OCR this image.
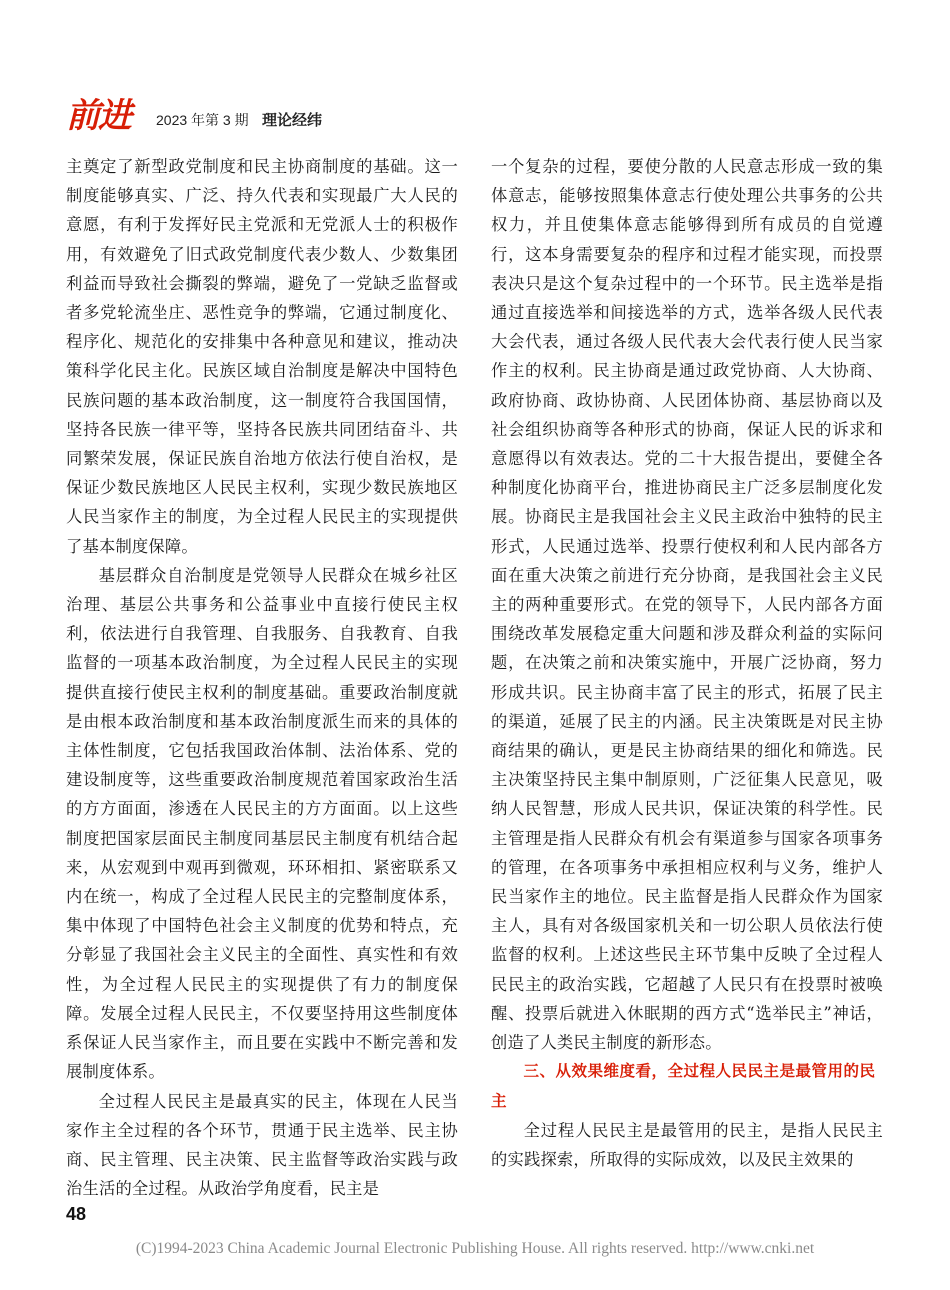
前进 2023 年第 3 期 理论经纬

主奠定了新型政党制度和民主协商制度的基础。这一制度能够真实、广泛、持久代表和实现最广大人民的意愿，有利于发挥好民主党派和无党派人士的积极作用，有效避免了旧式政党制度代表少数人、少数集团利益而导致社会撕裂的弊端，避免了一党缺乏监督或者多党轮流坐庄、恶性竞争的弊端，它通过制度化、程序化、规范化的安排集中各种意见和建议，推动决策科学化民主化。民族区域自治制度是解决中国特色民族问题的基本政治制度，这一制度符合我国国情，坚持各民族一律平等，坚持各民族共同团结奋斗、共同繁荣发展，保证民族自治地方依法行使自治权，是保证少数民族地区人民民主权利，实现少数民族地区人民当家作主的制度，为全过程人民民主的实现提供了基本制度保障。

基层群众自治制度是党领导人民群众在城乡社区治理、基层公共事务和公益事业中直接行使民主权利，依法进行自我管理、自我服务、自我教育、自我监督的一项基本政治制度，为全过程人民民主的实现提供直接行使民主权利的制度基础。重要政治制度就是由根本政治制度和基本政治制度派生而来的具体的主体性制度，它包括我国政治体制、法治体系、党的建设制度等，这些重要政治制度规范着国家政治生活的方方面面，渗透在人民民主的方方面面。以上这些制度把国家层面民主制度同基层民主制度有机结合起来，从宏观到中观再到微观，环环相扣、紧密联系又内在统一，构成了全过程人民民主的完整制度体系，集中体现了中国特色社会主义制度的优势和特点，充分彰显了我国社会主义民主的全面性、真实性和有效性，为全过程人民民主的实现提供了有力的制度保障。发展全过程人民民主，不仅要坚持用这些制度体系保证人民当家作主，而且要在实践中不断完善和发展制度体系。

全过程人民民主是最真实的民主，体现在人民当家作主全过程的各个环节，贯通于民主选举、民主协商、民主管理、民主决策、民主监督等政治实践与政治生活的全过程。从政治学角度看，民主是

一个复杂的过程，要使分散的人民意志形成一致的集体意志，能够按照集体意志行使处理公共事务的公共权力，并且使集体意志能够得到所有成员的自觉遵行，这本身需要复杂的程序和过程才能实现，而投票表决只是这个复杂过程中的一个环节。民主选举是指通过直接选举和间接选举的方式，选举各级人民代表大会代表，通过各级人民代表大会代表行使人民当家作主的权利。民主协商是通过政党协商、人大协商、政府协商、政协协商、人民团体协商、基层协商以及社会组织协商等各种形式的协商，保证人民的诉求和意愿得以有效表达。党的二十大报告提出，要健全各种制度化协商平台，推进协商民主广泛多层制度化发展。协商民主是我国社会主义民主政治中独特的民主形式，人民通过选举、投票行使权利和人民内部各方面在重大决策之前进行充分协商，是我国社会主义民主的两种重要形式。在党的领导下，人民内部各方面围绕改革发展稳定重大问题和涉及群众利益的实际问题，在决策之前和决策实施中，开展广泛协商，努力形成共识。民主协商丰富了民主的形式，拓展了民主的渠道，延展了民主的内涵。民主决策既是对民主协商结果的确认，更是民主协商结果的细化和筛选。民主决策坚持民主集中制原则，广泛征集人民意见，吸纳人民智慧，形成人民共识，保证决策的科学性。民主管理是指人民群众有机会有渠道参与国家各项事务的管理，在各项事务中承担相应权利与义务，维护人民当家作主的地位。民主监督是指人民群众作为国家主人，具有对各级国家机关和一切公职人员依法行使监督的权利。上述这些民主环节集中反映了全过程人民民主的政治实践，它超越了人民只有在投票时被唤醒、投票后就进入休眠期的西方式“选举民主”神话，创造了人类民主制度的新形态。

三、从效果维度看，全过程人民民主是最管用的民主

全过程人民民主是最管用的民主，是指人民民主的实践探索，所取得的实际成效，以及民主效果的

48
(C)1994-2023 China Academic Journal Electronic Publishing House. All rights reserved. http://www.cnki.net
